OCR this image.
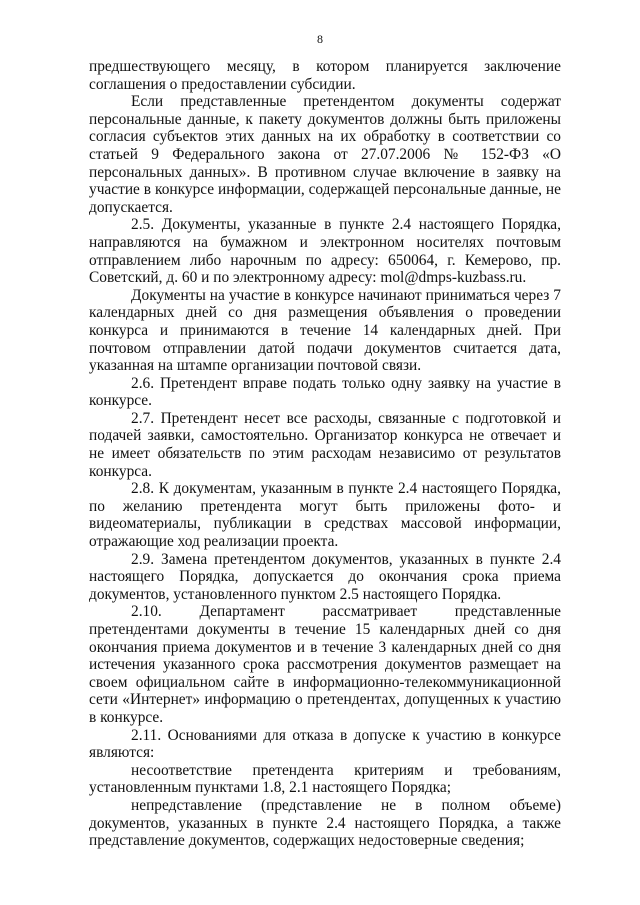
8

предшествующего месяцу, в котором планируется заключение соглашения о предоставлении субсидии.

Если представленные претендентом документы содержат персональные данные, к пакету документов должны быть приложены согласия субъектов этих данных на их обработку в соответствии со статьей 9 Федерального закона от 27.07.2006 № 152-ФЗ «О персональных данных». В противном случае включение в заявку на участие в конкурсе информации, содержащей персональные данные, не допускается.

2.5. Документы, указанные в пункте 2.4 настоящего Порядка, направляются на бумажном и электронном носителях почтовым отправлением либо нарочным по адресу: 650064, г. Кемерово, пр. Советский, д. 60 и по электронному адресу: mol@dmps-kuzbass.ru.

Документы на участие в конкурсе начинают приниматься через 7 календарных дней со дня размещения объявления о проведении конкурса и принимаются в течение 14 календарных дней. При почтовом отправлении датой подачи документов считается дата, указанная на штампе организации почтовой связи.

2.6. Претендент вправе подать только одну заявку на участие в конкурсе.

2.7. Претендент несет все расходы, связанные с подготовкой и подачей заявки, самостоятельно. Организатор конкурса не отвечает и не имеет обязательств по этим расходам независимо от результатов конкурса.

2.8. К документам, указанным в пункте 2.4 настоящего Порядка, по желанию претендента могут быть приложены фото- и видеоматериалы, публикации в средствах массовой информации, отражающие ход реализации проекта.

2.9. Замена претендентом документов, указанных в пункте 2.4 настоящего Порядка, допускается до окончания срока приема документов, установленного пунктом 2.5 настоящего Порядка.

2.10. Департамент рассматривает представленные претендентами документы в течение 15 календарных дней со дня окончания приема документов и в течение 3 календарных дней со дня истечения указанного срока рассмотрения документов размещает на своем официальном сайте в информационно-телекоммуникационной сети «Интернет» информацию о претендентах, допущенных к участию в конкурсе.

2.11. Основаниями для отказа в допуске к участию в конкурсе являются:

несоответствие претендента критериям и требованиям, установленным пунктами 1.8, 2.1 настоящего Порядка;

непредставление (представление не в полном объеме) документов, указанных в пункте 2.4 настоящего Порядка, а также представление документов, содержащих недостоверные сведения;
